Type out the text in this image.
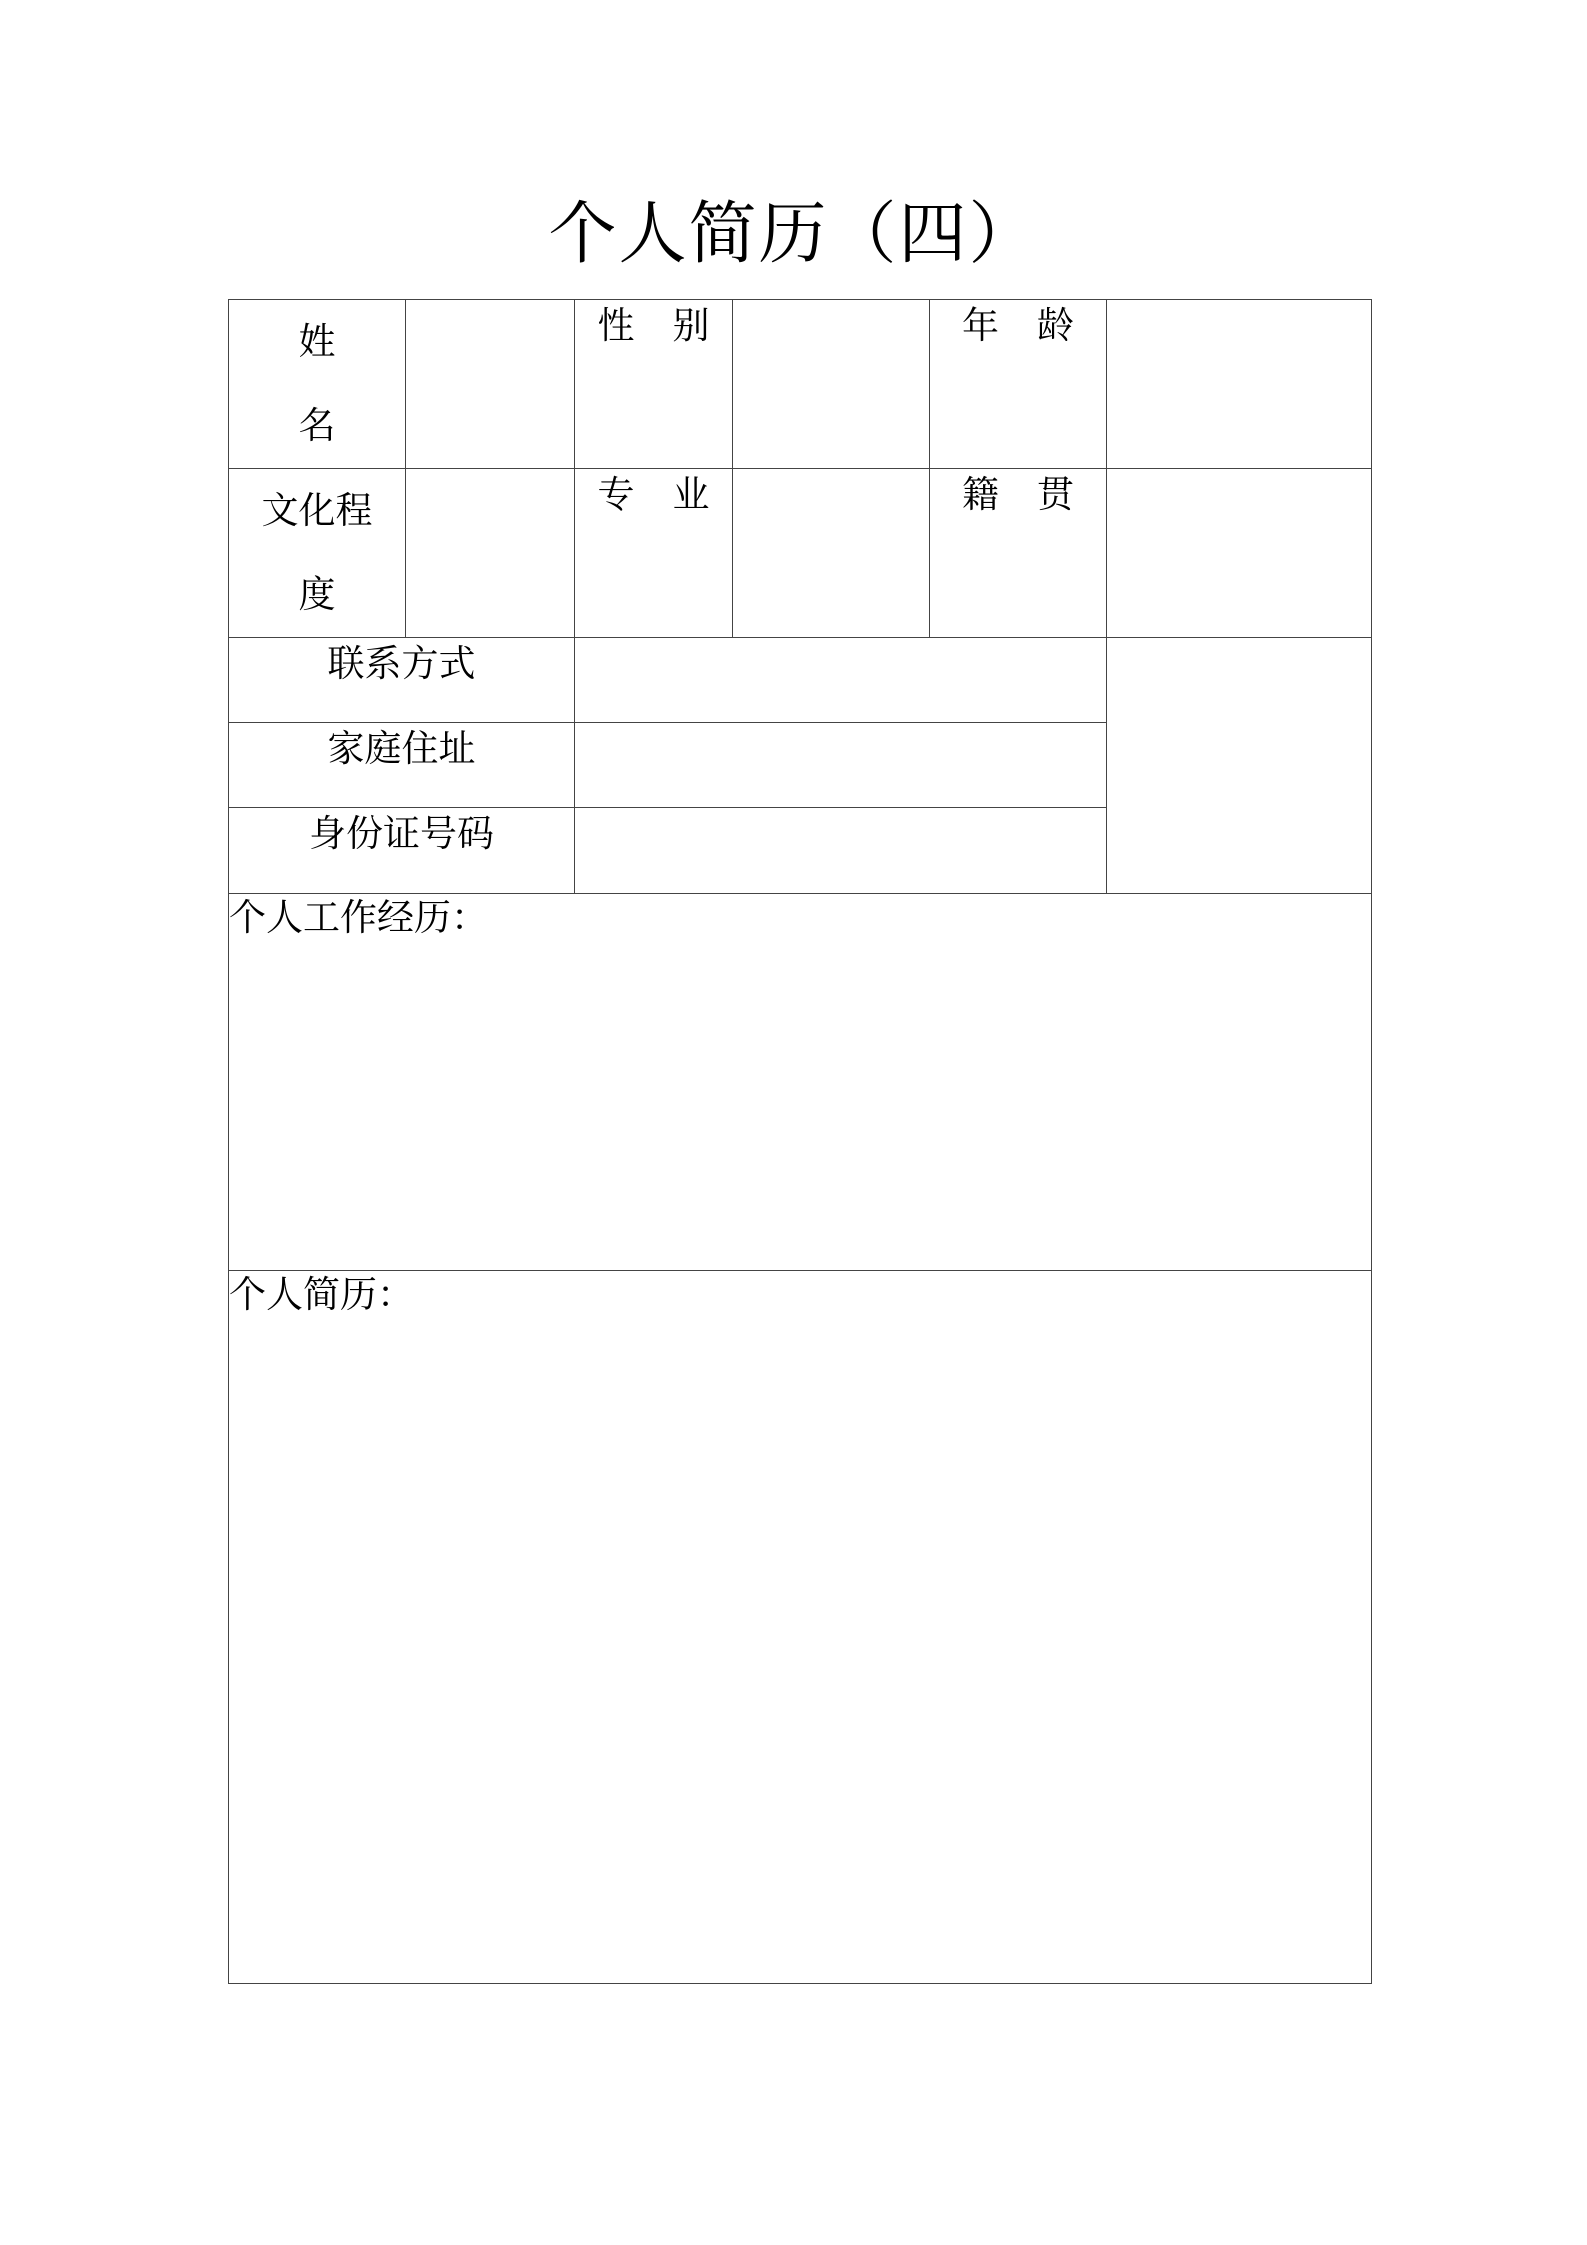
个人简历（四）
姓
名		性 别		年 龄	

文化程
度		专 业		籍 贯	
联系方式					
家庭住址					
身份证号码					
个人工作经历：					
个人简历：					
